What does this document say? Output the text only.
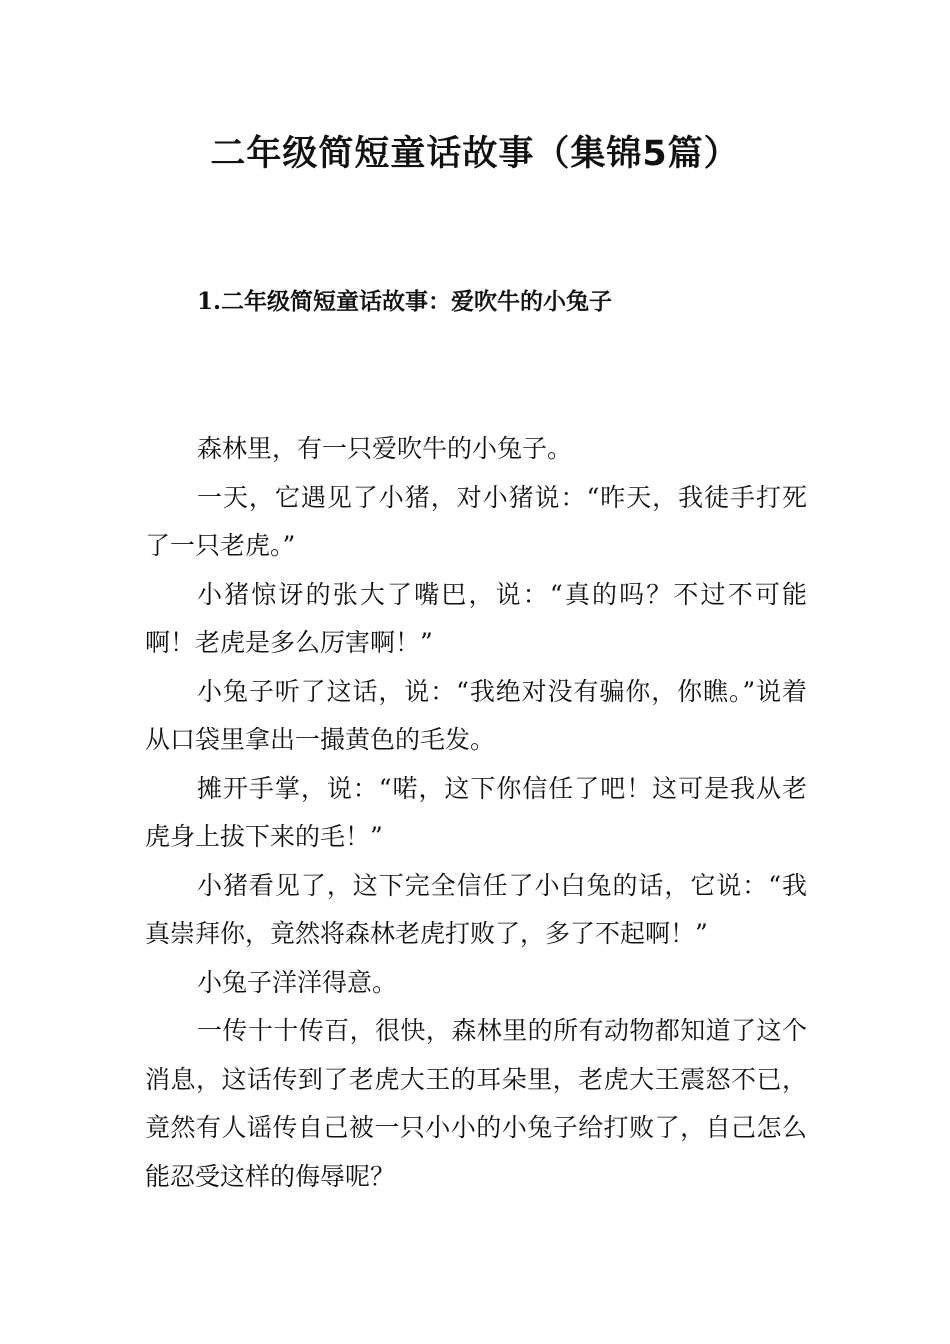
二年级简短童话故事（集锦5篇）
1.二年级简短童话故事：爱吹牛的小兔子

森林里，有一只爱吹牛的小兔子。

一天，它遇见了小猪，对小猪说：“昨天，我徒手打死了一只老虎。”

小猪惊讶的张大了嘴巴，说：“真的吗？不过不可能啊！老虎是多么厉害啊！”

小兔子听了这话，说：“我绝对没有骗你，你瞧。”说着从口袋里拿出一撮黄色的毛发。

摊开手掌，说：“喏，这下你信任了吧！这可是我从老虎身上拔下来的毛！”

小猪看见了，这下完全信任了小白兔的话，它说：“我真崇拜你，竟然将森林老虎打败了，多了不起啊！”

小兔子洋洋得意。

一传十十传百，很快，森林里的所有动物都知道了这个消息，这话传到了老虎大王的耳朵里，老虎大王震怒不已，竟然有人谣传自己被一只小小的小兔子给打败了，自己怎么能忍受这样的侮辱呢？
